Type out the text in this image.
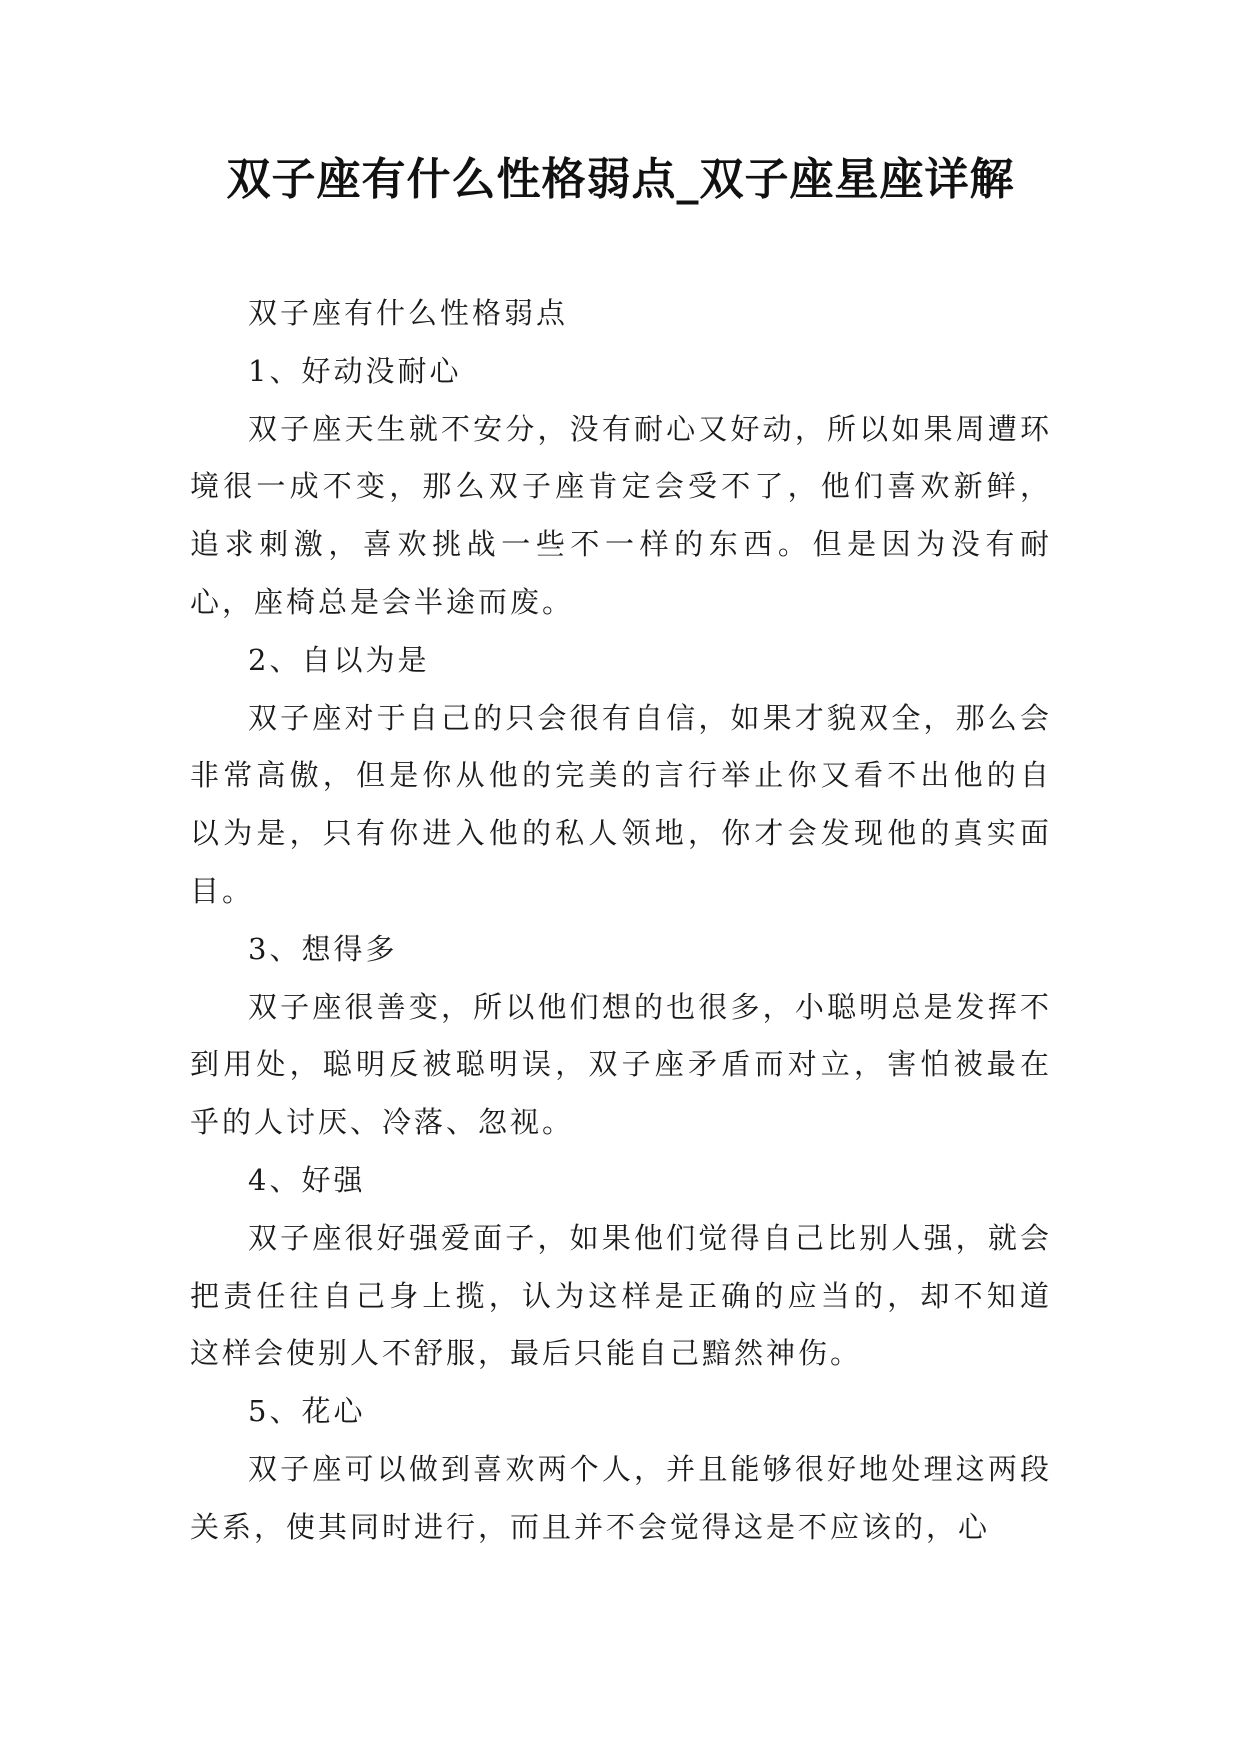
双子座有什么性格弱点_双子座星座详解

双子座有什么性格弱点

1、好动没耐心

双子座天生就不安分，没有耐心又好动，所以如果周遭环境很一成不变，那么双子座肯定会受不了，他们喜欢新鲜，追求刺激，喜欢挑战一些不一样的东西。但是因为没有耐心，座椅总是会半途而废。

2、自以为是

双子座对于自己的只会很有自信，如果才貌双全，那么会非常高傲，但是你从他的完美的言行举止你又看不出他的自以为是，只有你进入他的私人领地，你才会发现他的真实面目。

3、想得多

双子座很善变，所以他们想的也很多，小聪明总是发挥不到用处，聪明反被聪明误，双子座矛盾而对立，害怕被最在乎的人讨厌、冷落、忽视。

4、好强

双子座很好强爱面子，如果他们觉得自己比别人强，就会把责任往自己身上揽，认为这样是正确的应当的，却不知道这样会使别人不舒服，最后只能自己黯然神伤。

5、花心

双子座可以做到喜欢两个人，并且能够很好地处理这两段关系，使其同时进行，而且并不会觉得这是不应该的，心
